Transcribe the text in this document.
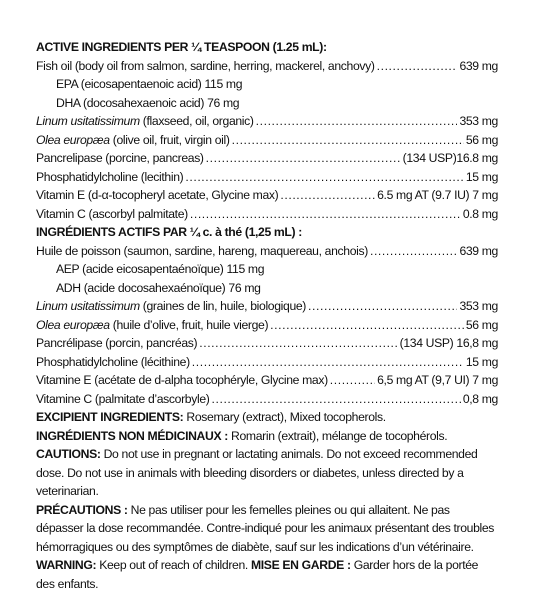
ACTIVE INGREDIENTS PER ¼ TEASPOON (1.25 mL):
Fish oil (body oil from salmon, sardine, herring, mackerel, anchovy) .....	639 mg
EPA (eicosapentaenoic acid) 115 mg
DHA (docosahexaenoic acid) 76 mg
Linum usitatissimum (flaxseed, oil, organic) .....	353 mg
Olea europæa (olive oil, fruit, virgin oil) .....	56 mg
Pancrelipase (porcine, pancreas) .....	(134 USP)16.8 mg
Phosphatidylcholine (lecithin) .....	15 mg
Vitamin E (d-α-tocopheryl acetate, Glycine max) .....	6.5 mg AT (9.7 IU) 7 mg
Vitamin C (ascorbyl palmitate) .....	0.8 mg
INGRÉDIENTS ACTIFS PAR ¼ c. à thé (1,25 mL) :
Huile de poisson (saumon, sardine, hareng, maquereau, anchois) .....	639 mg
AEP (acide eicosapentaénoïque) 115 mg
ADH (acide docosahexaénoïque) 76 mg
Linum usitatissimum (graines de lin, huile, biologique) .....	353 mg
Olea europæa (huile d’olive, fruit, huile vierge) .....	56 mg
Pancrélipase (porcin, pancréas) .....	(134 USP) 16,8 mg
Phosphatidylcholine (lécithine) .....	15 mg
Vitamine E (acétate de d-alpha tocophéryle, Glycine max) .....	6,5 mg AT (9,7 UI) 7 mg
Vitamine C (palmitate d’ascorbyle) .....	0,8 mg

EXCIPIENT INGREDIENTS: Rosemary (extract), Mixed tocopherols.

INGRÉDIENTS NON MÉDICINAUX : Romarin (extrait), mélange de tocophérols.

CAUTIONS: Do not use in pregnant or lactating animals. Do not exceed recommended dose. Do not use in animals with bleeding disorders or diabetes, unless directed by a veterinarian.

PRÉCAUTIONS : Ne pas utiliser pour les femelles pleines ou qui allaitent. Ne pas dépasser la dose recommandée. Contre-indiqué pour les animaux présentant des troubles hémorragiques ou des symptômes de diabète, sauf sur les indications d’un vétérinaire. WARNING: Keep out of reach of children. MISE EN GARDE : Garder hors de la portée des enfants.
